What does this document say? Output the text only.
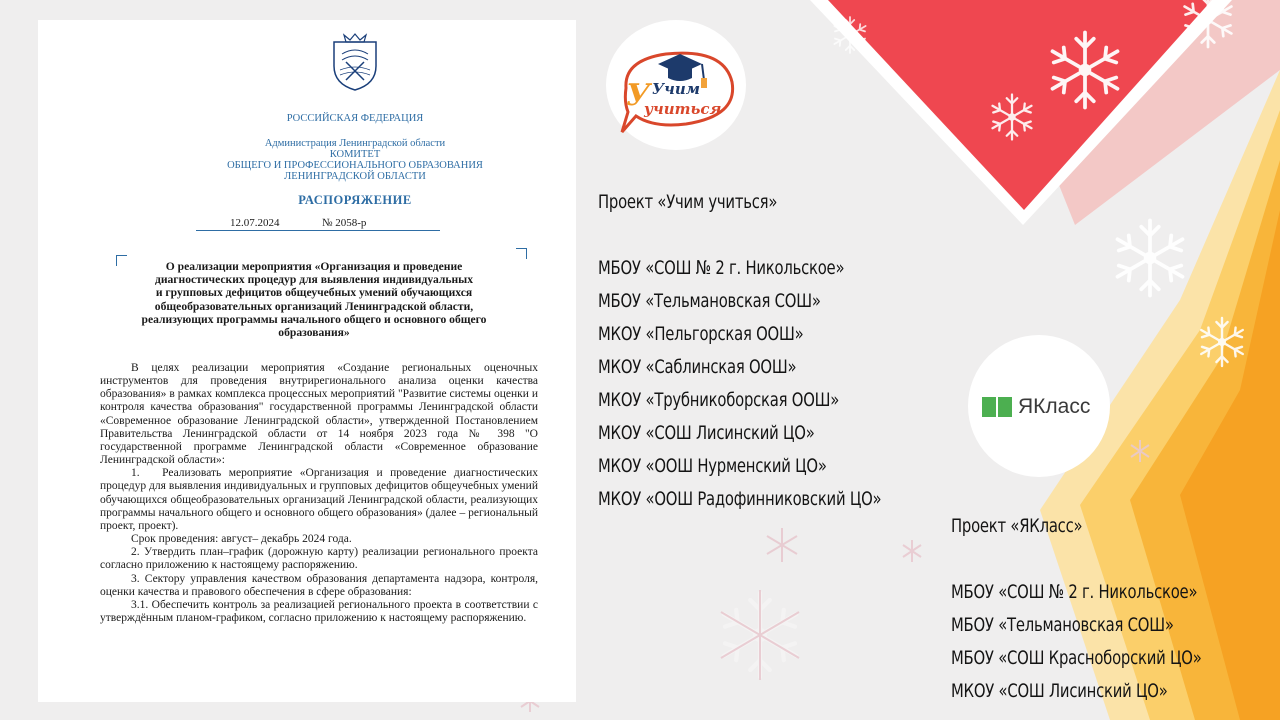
РОССИЙСКАЯ ФЕДЕРАЦИЯ
Администрация Ленинградской области
КОМИТЕТ
ОБЩЕГО И ПРОФЕССИОНАЛЬНОГО ОБРАЗОВАНИЯ
ЛЕНИНГРАДСКОЙ ОБЛАСТИ
РАСПОРЯЖЕНИЕ
12.07.2024	№ 2058-р
О реализации мероприятия «Организация и проведение
диагностических процедур для выявления индивидуальных
и групповых дефицитов общеучебных умений обучающихся
общеобразовательных организаций Ленинградской области,
реализующих программы начального общего и основного общего
образования»

В целях реализации мероприятия «Создание региональных оценочных инструментов для проведения внутрирегионального анализа оценки качества образования» в рамках комплекса процессных мероприятий "Развитие системы оценки и контроля качества образования" государственной программы Ленинградской области «Современное образование Ленинградской области», утвержденной Постановлением Правительства Ленинградской области от 14 ноября 2023 года № 398 "О государственной программе Ленинградской области «Современное образование Ленинградской области»:

1.   Реализовать мероприятие «Организация и проведение диагностических процедур для выявления индивидуальных и групповых дефицитов общеучебных умений обучающихся общеобразовательных организаций Ленинградской области, реализующих программы начального общего и основного общего образования» (далее – региональный проект, проект).

Срок проведения: август– декабрь 2024 года.

2. Утвердить план–график (дорожную карту) реализации регионального проекта согласно приложению к настоящему распоряжению.

3. Сектору управления качеством образования департамента надзора, контроля, оценки качества и правового обеспечения в сфере образования:

3.1. Обеспечить контроль за реализацией регионального проекта в соответствии с утверждённым планом-графиком, согласно приложению к настоящему распоряжению.

У Учим
учиться
ЯКласс
Проект «Учим учиться»
МБОУ «СОШ № 2 г. Никольское»
МБОУ «Тельмановская СОШ»
МКОУ «Пельгорская ООШ»
МКОУ «Саблинская ООШ»
МКОУ «Трубникоборская ООШ»
МКОУ «СОШ Лисинский ЦО»
МКОУ «ООШ Нурменский ЦО»
МКОУ «ООШ Радофинниковский ЦО»
Проект «ЯКласс»
МБОУ «СОШ № 2 г. Никольское»
МБОУ «Тельмановская СОШ»
МБОУ «СОШ Красноборский ЦО»
МКОУ «СОШ Лисинский ЦО»
